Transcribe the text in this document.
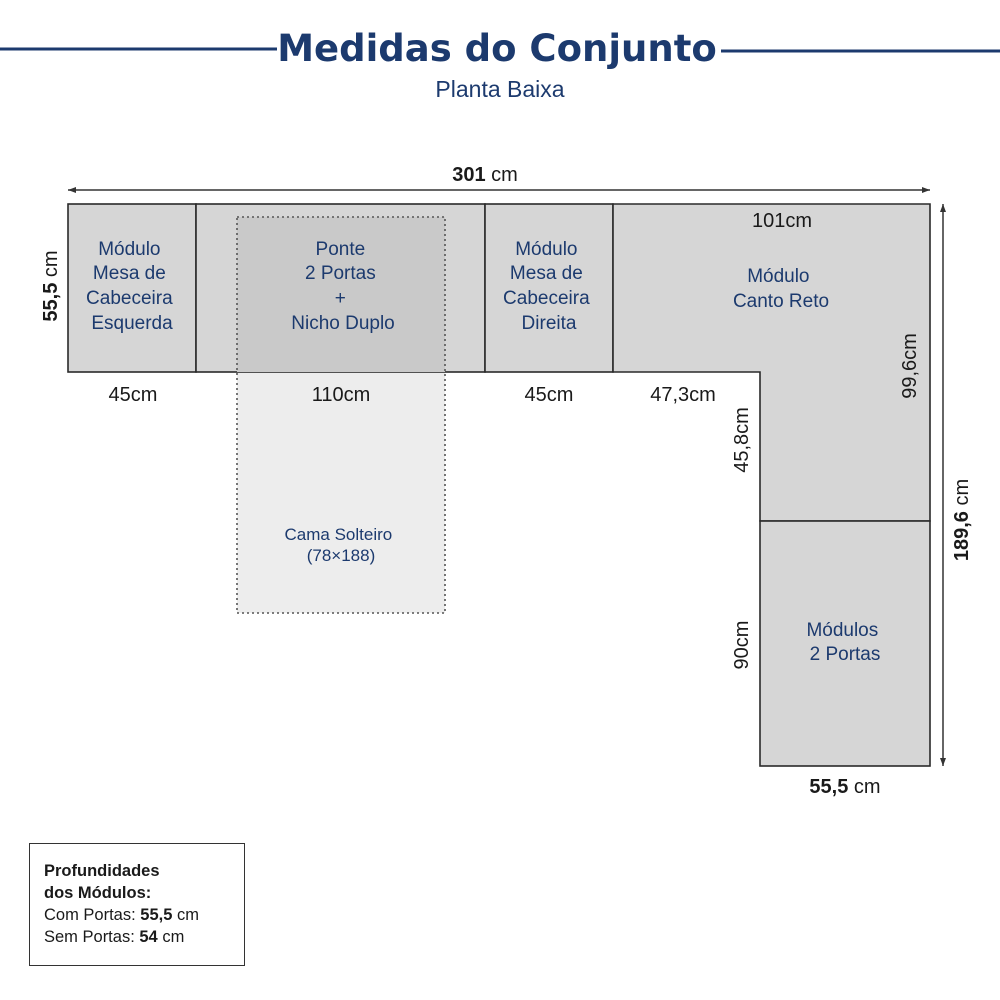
Medidas do Conjunto
Planta Baixa
301 cm
55,5 cm
Módulo Mesa de Cabeceira Esquerda
Ponte 2 Portas + Nicho Duplo
Módulo Mesa de Cabeceira Direita
Módulo Canto Reto
Módulos 2 Portas
Cama Solteiro (78×188)
45cm	110cm	45cm	47,3cm
101cm
99,6cm
45,8cm
90cm
55,5 cm
189,6 cm
Profundidades
dos Módulos:
Com Portas: 55,5 cm
Sem Portas: 54 cm
